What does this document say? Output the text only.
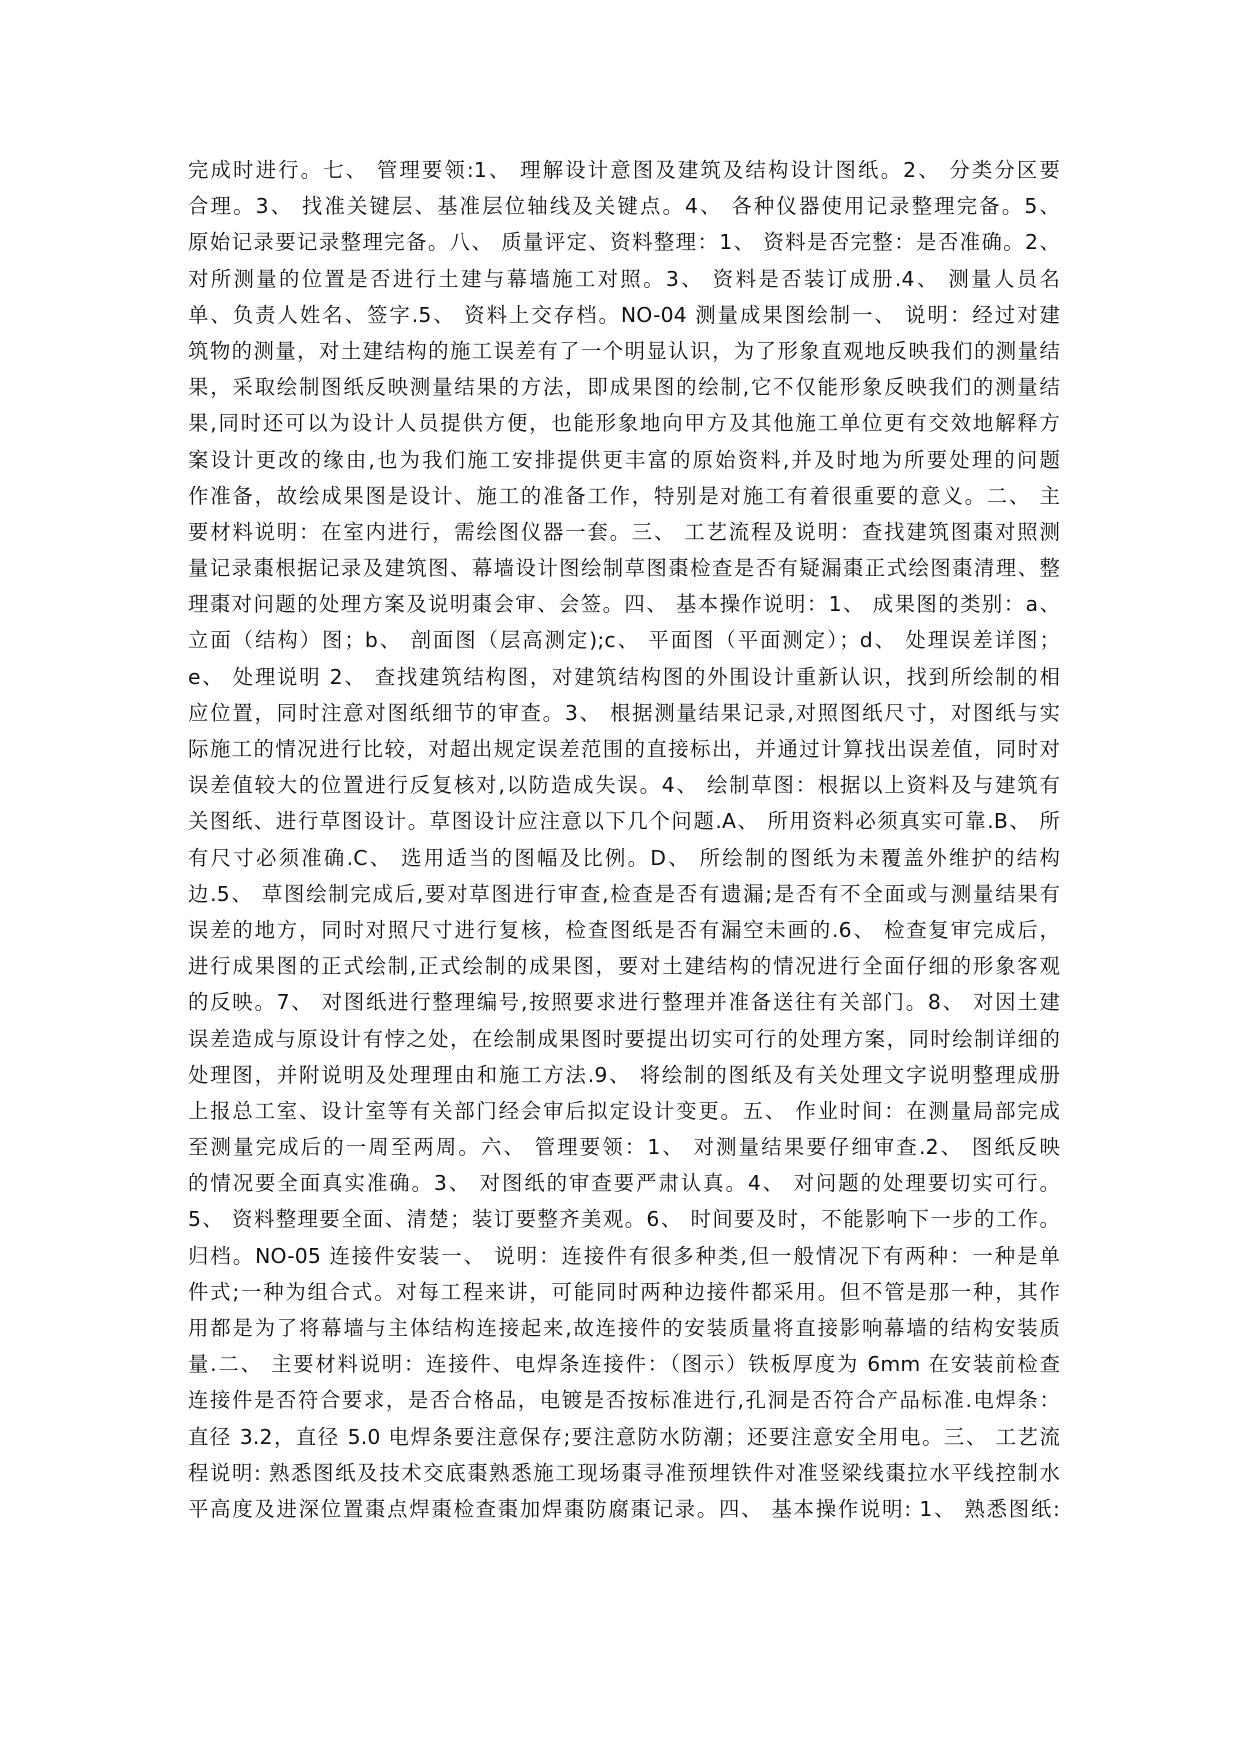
完成时进行。七、 管理要领:1、 理解设计意图及建筑及结构设计图纸。2、 分类分区要
合理。3、 找准关键层、基准层位轴线及关键点。4、 各种仪器使用记录整理完备。5、
原始记录要记录整理完备。八、 质量评定、资料整理：1、 资料是否完整：是否准确。2、
对所测量的位置是否进行土建与幕墙施工对照。3、 资料是否装订成册.4、 测量人员名
单、负责人姓名、签字.5、 资料上交存档。NO-04 测量成果图绘制一、 说明：经过对建
筑物的测量，对土建结构的施工误差有了一个明显认识，为了形象直观地反映我们的测量结
果，采取绘制图纸反映测量结果的方法，即成果图的绘制,它不仅能形象反映我们的测量结
果,同时还可以为设计人员提供方便，也能形象地向甲方及其他施工单位更有交效地解释方
案设计更改的缘由,也为我们施工安排提供更丰富的原始资料,并及时地为所要处理的问题
作准备，故绘成果图是设计、施工的准备工作，特别是对施工有着很重要的意义。二、 主
要材料说明：在室内进行，需绘图仪器一套。三、 工艺流程及说明：查找建筑图棗对照测
量记录棗根据记录及建筑图、幕墙设计图绘制草图棗检查是否有疑漏棗正式绘图棗清理、整
理棗对问题的处理方案及说明棗会审、会签。四、 基本操作说明：1、 成果图的类别：a、
立面（结构）图；b、 剖面图（层高测定);c、 平面图（平面测定）；d、 处理误差详图；
e、 处理说明 2、 查找建筑结构图，对建筑结构图的外围设计重新认识，找到所绘制的相
应位置，同时注意对图纸细节的审查。3、 根据测量结果记录,对照图纸尺寸，对图纸与实
际施工的情况进行比较，对超出规定误差范围的直接标出，并通过计算找出误差值，同时对
误差值较大的位置进行反复核对,以防造成失误。4、 绘制草图：根据以上资料及与建筑有
关图纸、进行草图设计。草图设计应注意以下几个问题.A、 所用资料必须真实可靠.B、 所
有尺寸必须准确.C、 选用适当的图幅及比例。D、 所绘制的图纸为未覆盖外维护的结构
边.5、 草图绘制完成后,要对草图进行审查,检查是否有遗漏;是否有不全面或与测量结果有
误差的地方，同时对照尺寸进行复核，检查图纸是否有漏空未画的.6、 检查复审完成后，
进行成果图的正式绘制,正式绘制的成果图，要对土建结构的情况进行全面仔细的形象客观
的反映。7、 对图纸进行整理编号,按照要求进行整理并准备送往有关部门。8、 对因土建
误差造成与原设计有悖之处，在绘制成果图时要提出切实可行的处理方案，同时绘制详细的
处理图，并附说明及处理理由和施工方法.9、 将绘制的图纸及有关处理文字说明整理成册
上报总工室、设计室等有关部门经会审后拟定设计变更。五、 作业时间：在测量局部完成
至测量完成后的一周至两周。六、 管理要领：1、 对测量结果要仔细审查.2、 图纸反映
的情况要全面真实准确。3、 对图纸的审查要严肃认真。4、 对问题的处理要切实可行。
5、 资料整理要全面、清楚；装订要整齐美观。6、 时间要及时，不能影响下一步的工作。
归档。NO-05 连接件安装一、 说明：连接件有很多种类,但一般情况下有两种：一种是单
件式;一种为组合式。对每工程来讲，可能同时两种边接件都采用。但不管是那一种，其作
用都是为了将幕墙与主体结构连接起来,故连接件的安装质量将直接影响幕墙的结构安装质
量.二、 主要材料说明：连接件、电焊条连接件：（图示）铁板厚度为 6mm 在安装前检查
连接件是否符合要求，是否合格品，电镀是否按标准进行,孔洞是否符合产品标准.电焊条：
直径 3.2，直径 5.0 电焊条要注意保存;要注意防水防潮；还要注意安全用电。三、 工艺流
程说明: 熟悉图纸及技术交底棗熟悉施工现场棗寻准预埋铁件对准竖梁线棗拉水平线控制水
平高度及进深位置棗点焊棗检查棗加焊棗防腐棗记录。四、 基本操作说明: 1、 熟悉图纸:
